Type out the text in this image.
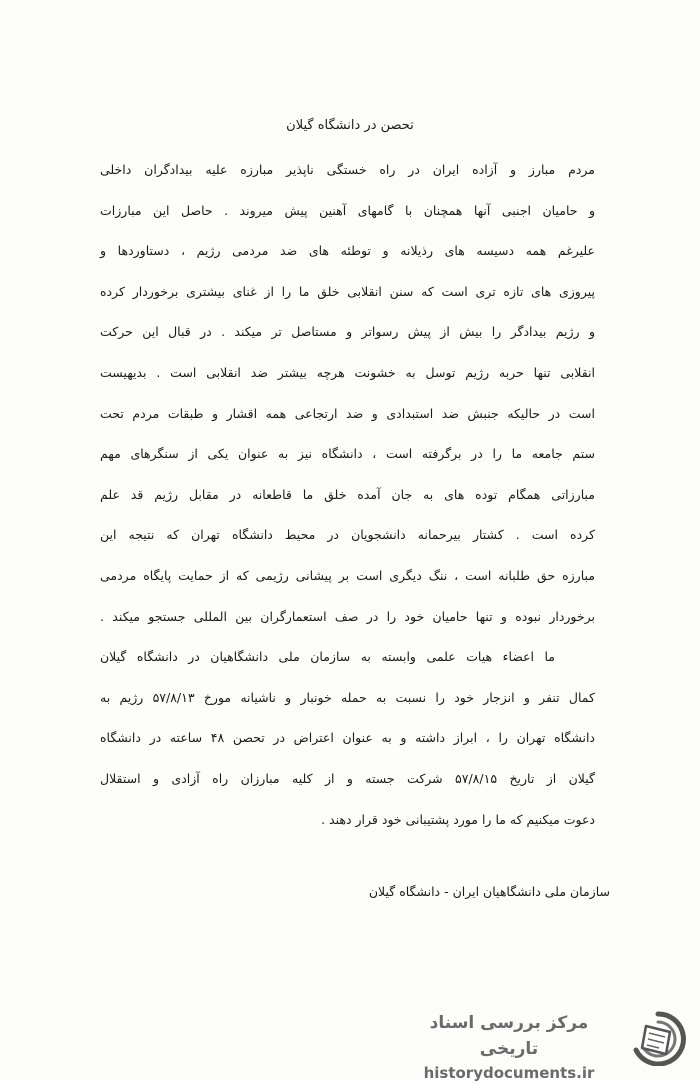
تحصن در دانشگاه گیلان
مردم مبارز و آزاده ایران در راه خستگی ناپذیر مبارزه علیه بیدادگران داخلی
و حامیان اجنبی آنها همچنان با گامهای آهنین پیش میروند . حاصل این مبارزات
علیرغم همه دسیسه های رذیلانه و توطئه های ضد مردمی رژیم ، دستاوردها و
پیروزی های تازه تری است که سنن انقلابی خلق ما را از غنای بیشتری برخوردار کرده
و رژیم بیدادگر را بیش از پیش رسواتر و مستاصل تر میکند . در قبال این حرکت
انقلابی تنها حربه رژیم توسل به خشونت هرچه بیشتر ضد انقلابی است . بدیهیست
است در حالیکه جنبش ضد استبدادی و ضد ارتجاعی همه اقشار و طبقات مردم تحت
ستم جامعه ما را در برگرفته است ، دانشگاه نیز به عنوان یکی از سنگرهای مهم
مبارزاتی همگام توده های به جان آمده خلق ما قاطعانه در مقابل رژیم قد علم
کرده است . کشتار بیرحمانه دانشجویان در محیط دانشگاه تهران که نتیجه این
مبارزه حق طلبانه است ، ننگ دیگری است بر پیشانی رژیمی که از حمایت پایگاه مردمی
برخوردار نبوده و تنها حامیان خود را در صف استعمارگران بین المللی جستجو میکند .
ما اعضاء هیات علمی وابسته به سازمان ملی دانشگاهیان در دانشگاه گیلان
کمال تنفر و انزجار خود را نسبت به حمله خونبار و ناشیانه مورخ ۵۷/۸/۱۳ رژیم به
دانشگاه تهران را ، ابراز داشته و به عنوان اعتراض در تحصن ۴۸ ساعته در دانشگاه
گیلان از تاریخ ۵۷/۸/۱۵ شرکت جسته و از کلیه مبارزان راه آزادی و استقلال
دعوت میکنیم که ما را مورد پشتیبانی خود قرار دهند .
سازمان ملی دانشگاهیان ایران - دانشگاه گیلان
مرکز بررسی اسناد تاریخی
historydocuments.ir
